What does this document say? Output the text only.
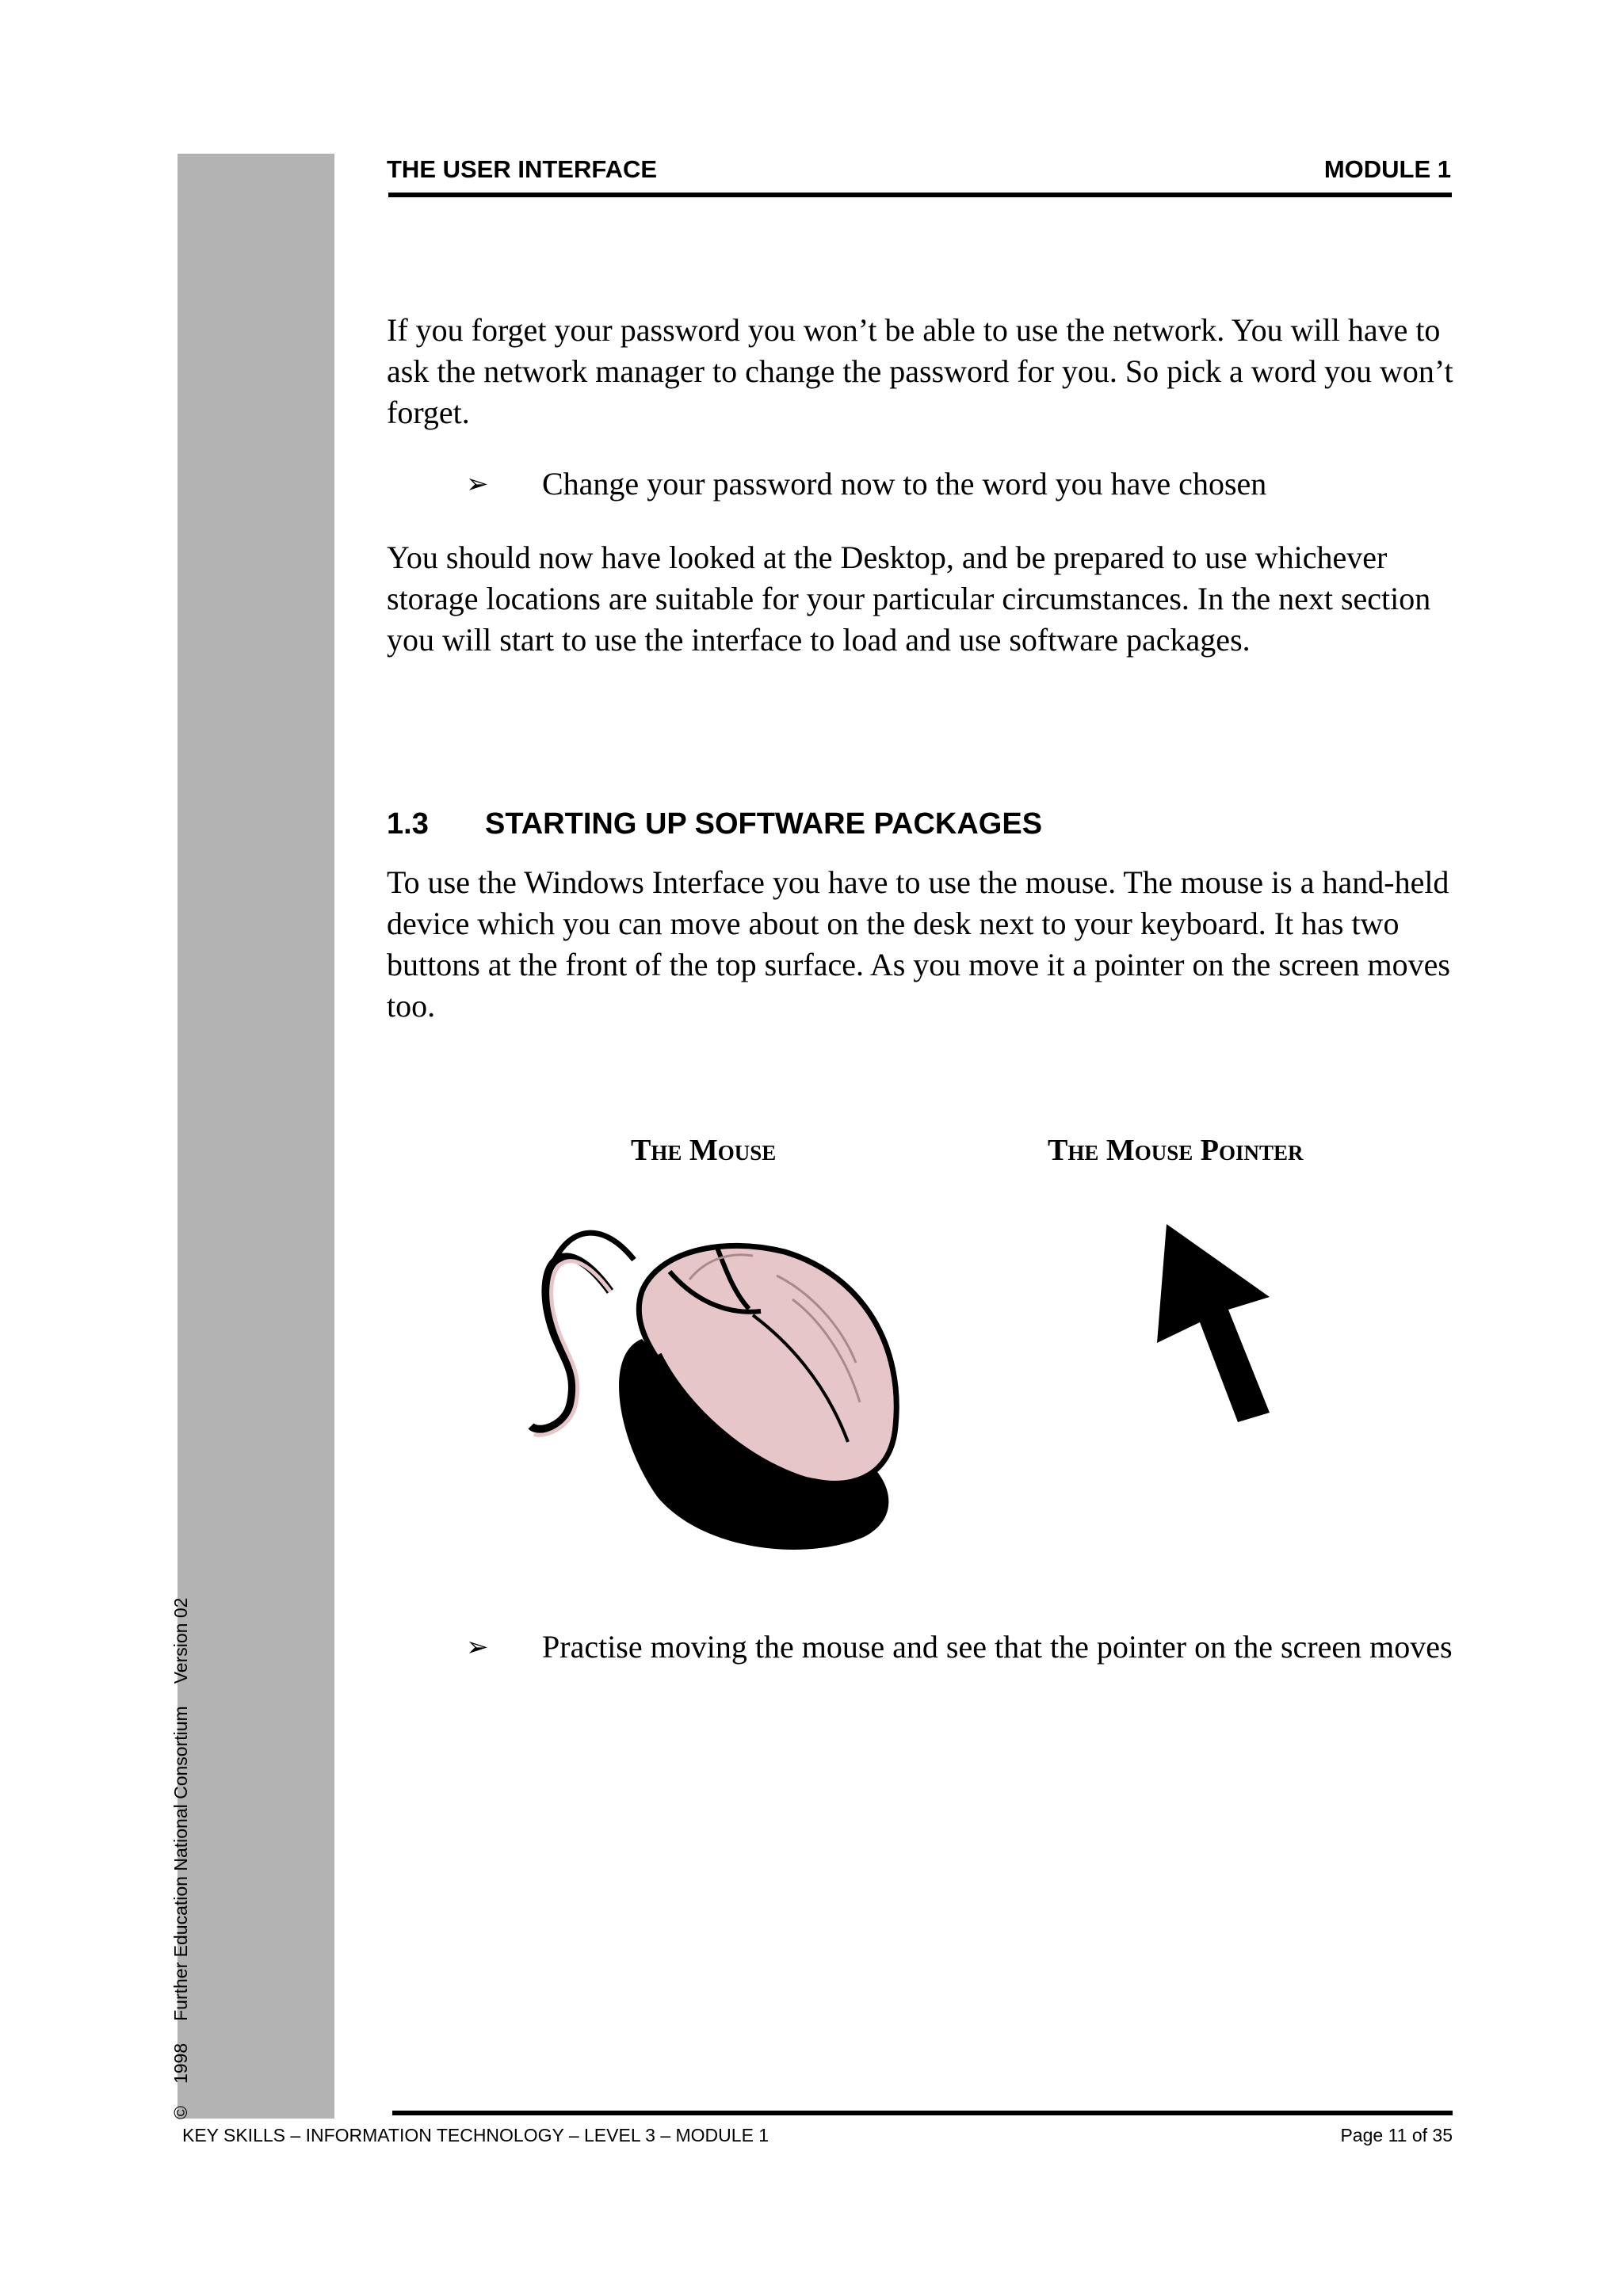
©1998Further Education National ConsortiumVersion 02
THE USER INTERFACE	MODULE 1
If you forget your password you won’t be able to use the network. You will have to ask the network manager to change the password for you. So pick a word you won’t forget.
➢ Change your password now to the word you have chosen
You should now have looked at the Desktop, and be prepared to use whichever storage locations are suitable for your particular circumstances. In the next section you will start to use the interface to load and use software packages.
1.3 STARTING UP SOFTWARE PACKAGES
To use the Windows Interface you have to use the mouse. The mouse is a hand-held device which you can move about on the desk next to your keyboard. It has two buttons at the front of the top surface. As you move it a pointer on the screen moves too.
The Mouse	The Mouse Pointer
➢ Practise moving the mouse and see that the pointer on the screen moves
KEY SKILLS – INFORMATION TECHNOLOGY – LEVEL 3 – MODULE 1	Page 11 of 35
